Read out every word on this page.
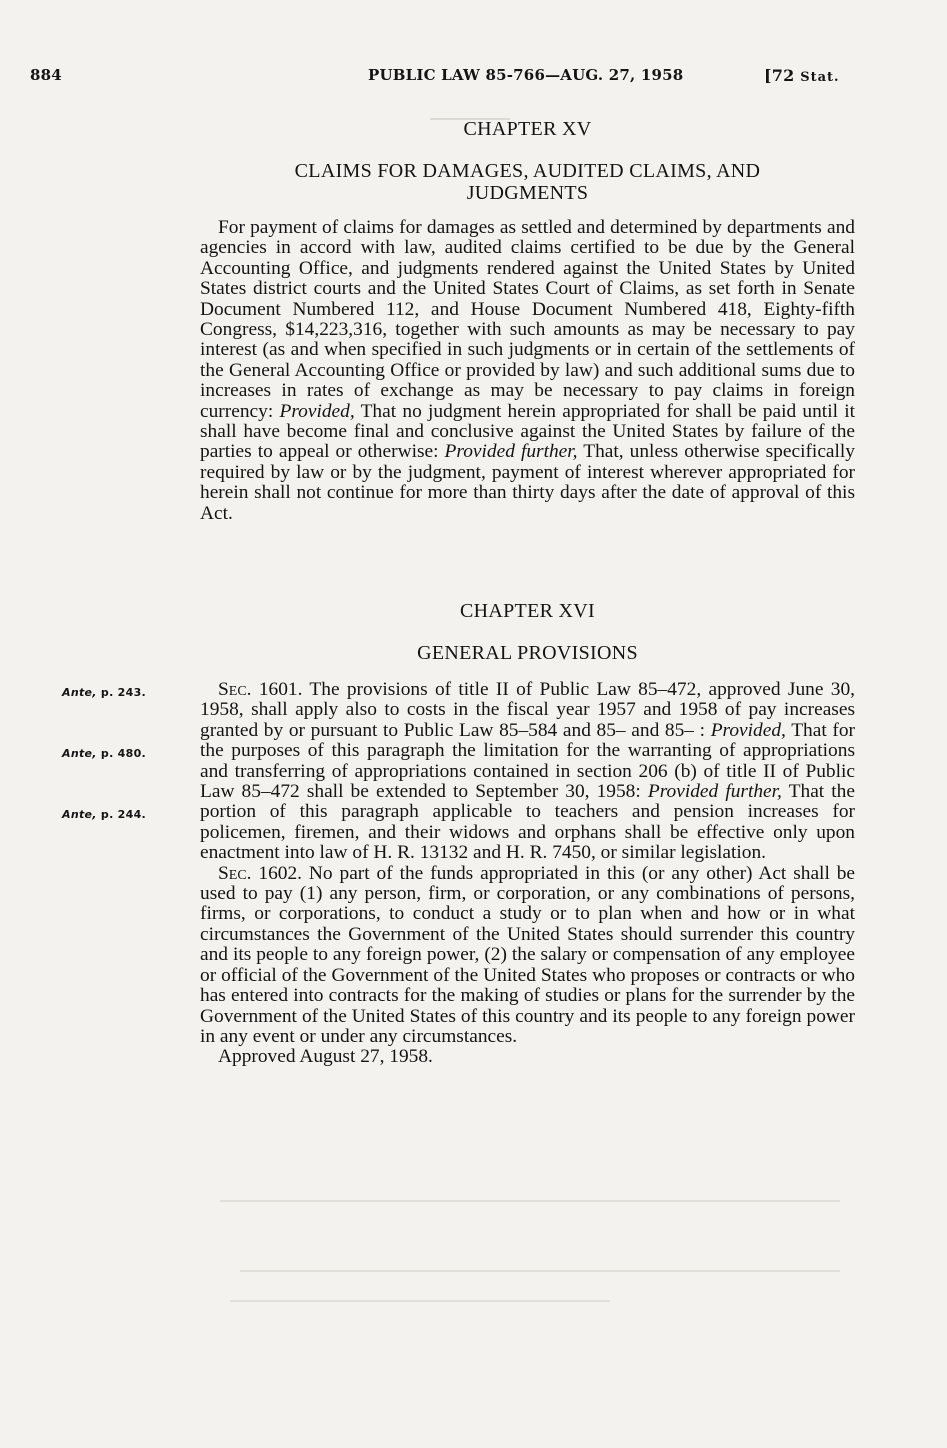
884	PUBLIC LAW 85-766—AUG. 27, 1958	[72 Stat.
CHAPTER XV
CLAIMS FOR DAMAGES, AUDITED CLAIMS, AND JUDGMENTS

For payment of claims for damages as settled and determined by departments and agencies in accord with law, audited claims certified to be due by the General Accounting Office, and judgments rendered against the United States by United States district courts and the United States Court of Claims, as set forth in Senate Document Numbered 112, and House Document Numbered 418, Eighty-fifth Congress, $14,223,316, together with such amounts as may be necessary to pay interest (as and when specified in such judgments or in certain of the settlements of the General Accounting Office or provided by law) and such additional sums due to increases in rates of exchange as may be necessary to pay claims in foreign currency: Provided, That no judgment herein appropriated for shall be paid until it shall have become final and conclusive against the United States by failure of the parties to appeal or otherwise: Provided further, That, unless otherwise specifically required by law or by the judgment, payment of interest wherever appropriated for herein shall not continue for more than thirty days after the date of approval of this Act.

CHAPTER XVI
GENERAL PROVISIONS

Sec. 1601. The provisions of title II of Public Law 85–472, approved June 30, 1958, shall apply also to costs in the fiscal year 1957 and 1958 of pay increases granted by or pursuant to Public Law 85–584 and 85– and 85– : Provided, That for the purposes of this paragraph the limitation for the warranting of appropriations and transferring of appropriations contained in section 206 (b) of title II of Public Law 85–472 shall be extended to September 30, 1958: Provided further, That the portion of this paragraph applicable to teachers and pension increases for policemen, firemen, and their widows and orphans shall be effective only upon enactment into law of H. R. 13132 and H. R. 7450, or similar legislation.

Sec. 1602. No part of the funds appropriated in this (or any other) Act shall be used to pay (1) any person, firm, or corporation, or any combinations of persons, firms, or corporations, to conduct a study or to plan when and how or in what circumstances the Government of the United States should surrender this country and its people to any foreign power, (2) the salary or compensation of any employee or official of the Government of the United States who proposes or contracts or who has entered into contracts for the making of studies or plans for the surrender by the Government of the United States of this country and its people to any foreign power in any event or under any circumstances.

Approved August 27, 1958.

Ante, p. 243.
Ante, p. 480.
Ante, p. 244.
